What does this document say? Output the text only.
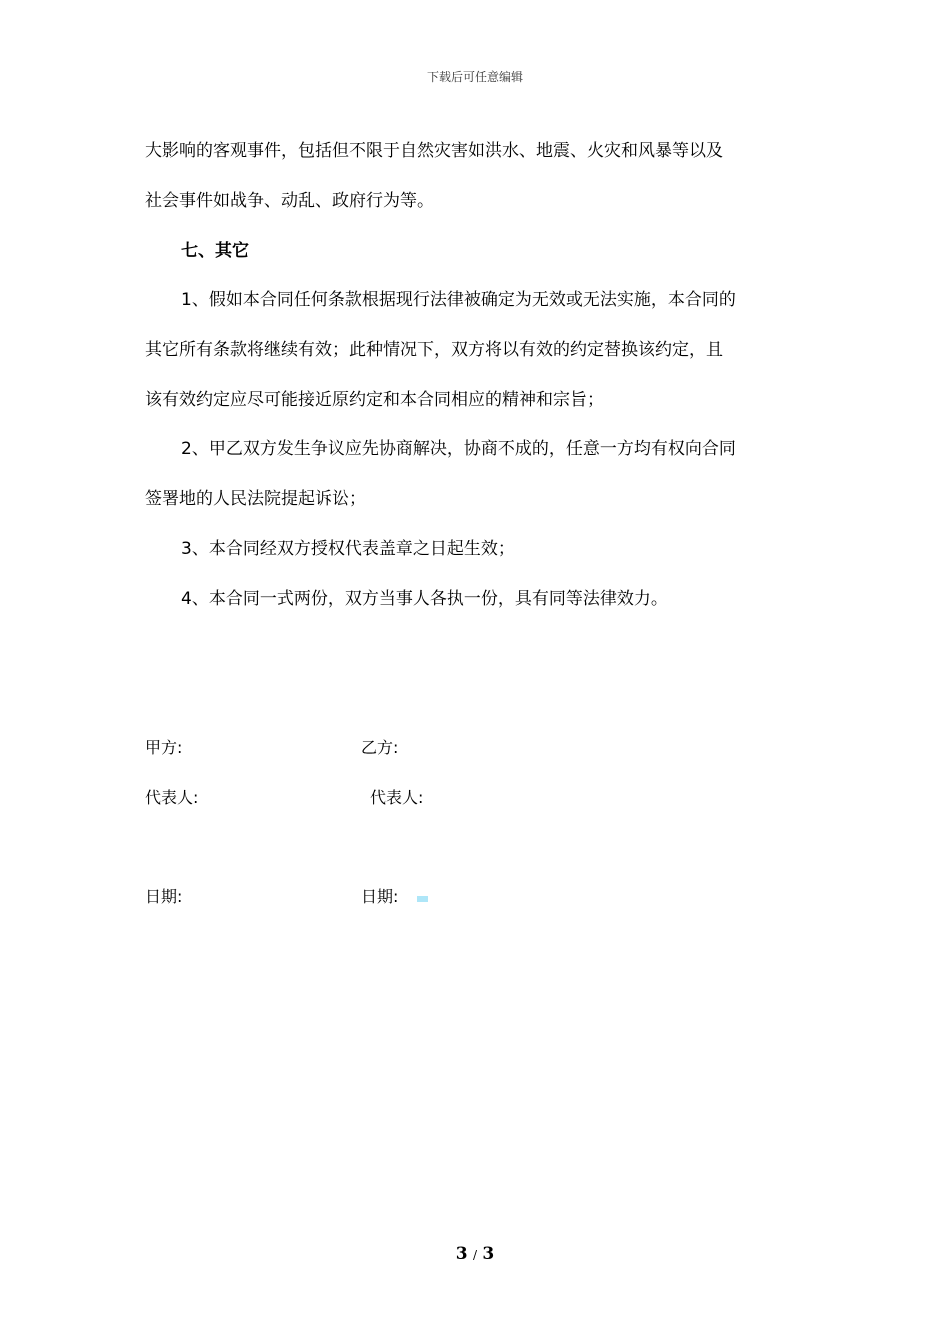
下载后可任意编辑
大影响的客观事件，包括但不限于自然灾害如洪水、地震、火灾和风暴等以及
社会事件如战争、动乱、政府行为等。
七、其它
1、假如本合同任何条款根据现行法律被确定为无效或无法实施，本合同的
其它所有条款将继续有效；此种情况下，双方将以有效的约定替换该约定，且
该有效约定应尽可能接近原约定和本合同相应的精神和宗旨；
2、甲乙双方发生争议应先协商解决，协商不成的，任意一方均有权向合同
签署地的人民法院提起诉讼；
3、本合同经双方授权代表盖章之日起生效；
4、本合同一式两份，双方当事人各执一份，具有同等法律效力。
甲方:	乙方:
代表人:	代表人:
日期:	日期:
3 / 3
